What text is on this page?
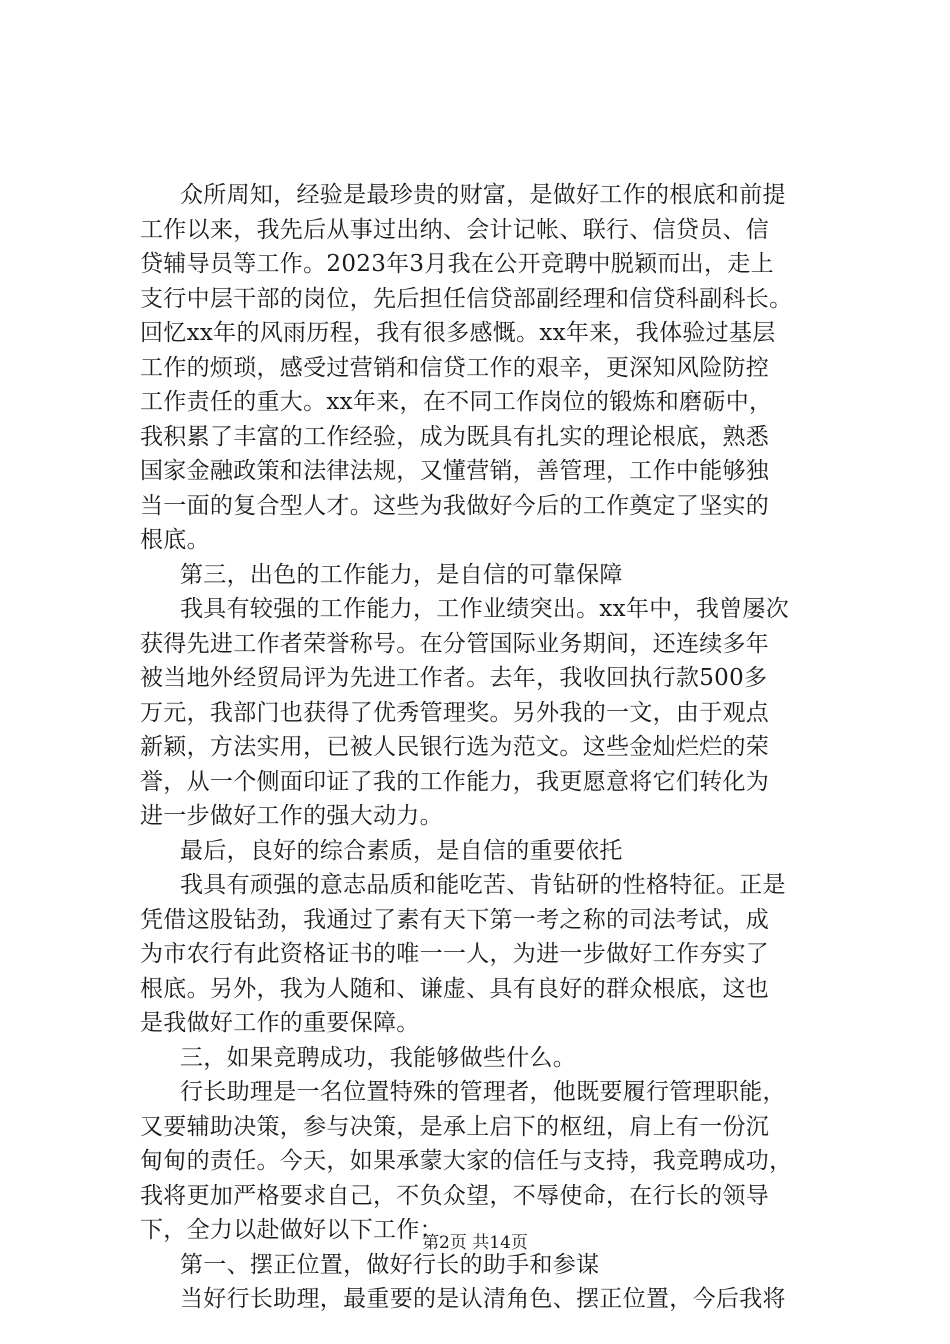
众所周知，经验是最珍贵的财富，是做好工作的根底和前提
工作以来，我先后从事过出纳、会计记帐、联行、信贷员、信
贷辅导员等工作。2023年3月我在公开竞聘中脱颖而出，走上
支行中层干部的岗位，先后担任信贷部副经理和信贷科副科长。
回忆xx年的风雨历程，我有很多感慨。xx年来，我体验过基层
工作的烦琐，感受过营销和信贷工作的艰辛，更深知风险防控
工作责任的重大。xx年来，在不同工作岗位的锻炼和磨砺中，
我积累了丰富的工作经验，成为既具有扎实的理论根底，熟悉
国家金融政策和法律法规，又懂营销，善管理，工作中能够独
当一面的复合型人才。这些为我做好今后的工作奠定了坚实的
根底。
第三，出色的工作能力，是自信的可靠保障
我具有较强的工作能力，工作业绩突出。xx年中，我曾屡次
获得先进工作者荣誉称号。在分管国际业务期间，还连续多年
被当地外经贸局评为先进工作者。去年，我收回执行款500多
万元，我部门也获得了优秀管理奖。另外我的一文，由于观点
新颖，方法实用，已被人民银行选为范文。这些金灿烂烂的荣
誉，从一个侧面印证了我的工作能力，我更愿意将它们转化为
进一步做好工作的强大动力。
最后，良好的综合素质，是自信的重要依托
我具有顽强的意志品质和能吃苦、肯钻研的性格特征。正是
凭借这股钻劲，我通过了素有天下第一考之称的司法考试，成
为市农行有此资格证书的唯一一人，为进一步做好工作夯实了
根底。另外，我为人随和、谦虚、具有良好的群众根底，这也
是我做好工作的重要保障。
三，如果竞聘成功，我能够做些什么。
行长助理是一名位置特殊的管理者，他既要履行管理职能，
又要辅助决策，参与决策，是承上启下的枢纽，肩上有一份沉
甸甸的责任。今天，如果承蒙大家的信任与支持，我竞聘成功，
我将更加严格要求自己，不负众望，不辱使命，在行长的领导
下，全力以赴做好以下工作：
第一、摆正位置，做好行长的助手和参谋
当好行长助理，最重要的是认清角色、摆正位置，今后我将
第2页 共14页
